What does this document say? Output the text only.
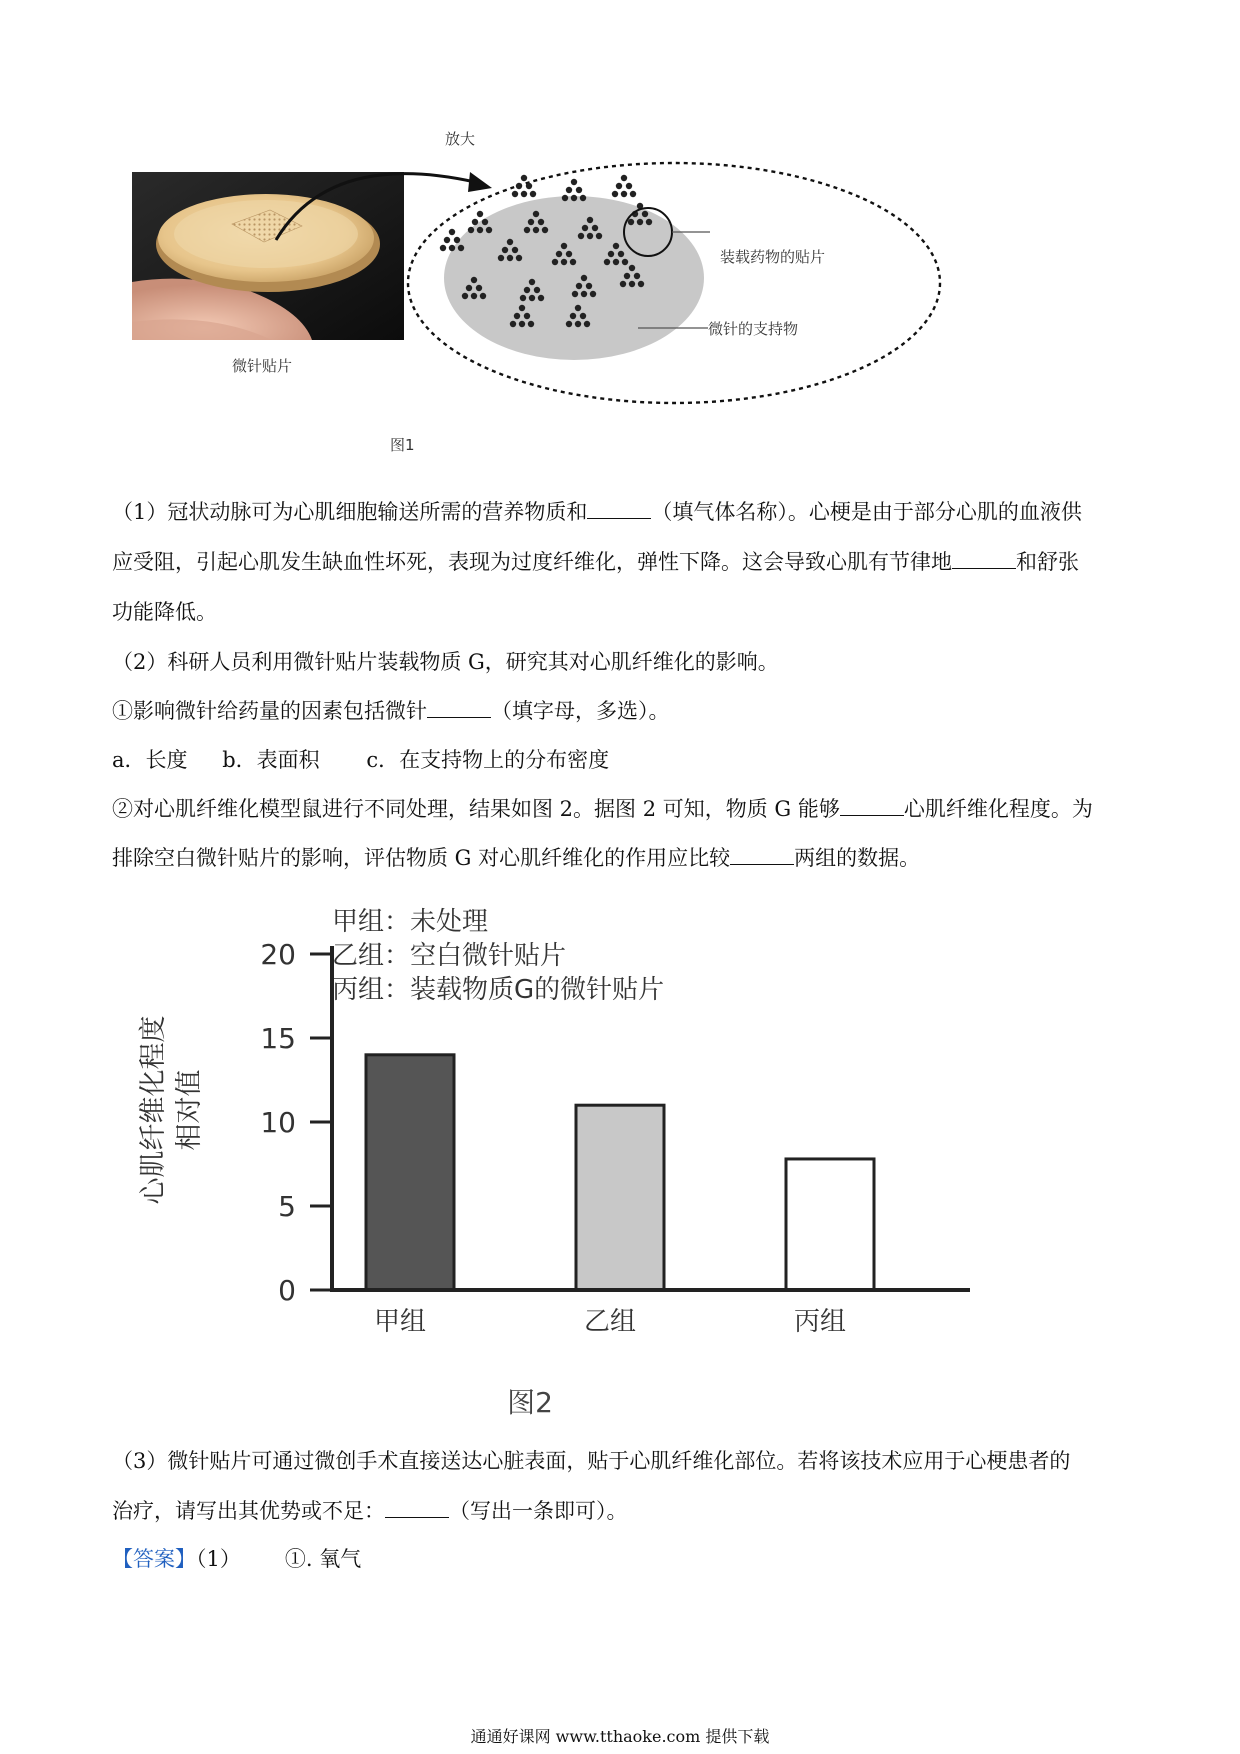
微针贴片
放大
装载药物的贴片
微针的支持物
图1
（1）冠状动脉可为心肌细胞输送所需的营养物质和	（填气体名称）。心梗是由于部分心肌的血液供
应受阻，引起心肌发生缺血性坏死，表现为过度纤维化，弹性下降。这会导致心肌有节律地	和舒张
功能降低。
（2）科研人员利用微针贴片装载物质 G，研究其对心肌纤维化的影响。
①影响微针给药量的因素包括微针	（填字母，多选）。
a．长度 b．表面积 c．在支持物上的分布密度
②对心肌纤维化模型鼠进行不同处理，结果如图 2。据图 2 可知，物质 G 能够	心肌纤维化程度。为
排除空白微针贴片的影响，评估物质 G 对心肌纤维化的作用应比较	两组的数据。
甲组：未处理
乙组：空白微针贴片
丙组：装载物质G的微针贴片
心肌纤维化程度 相对值
0
5
10
15
20
甲组	乙组	丙组
图2
（3）微针贴片可通过微创手术直接送达心脏表面，贴于心肌纤维化部位。若将该技术应用于心梗患者的
治疗，请写出其优势或不足：	（写出一条即可）。
【答案】（1） ①. 氧气
通通好课网 www.tthaoke.com 提供下载
